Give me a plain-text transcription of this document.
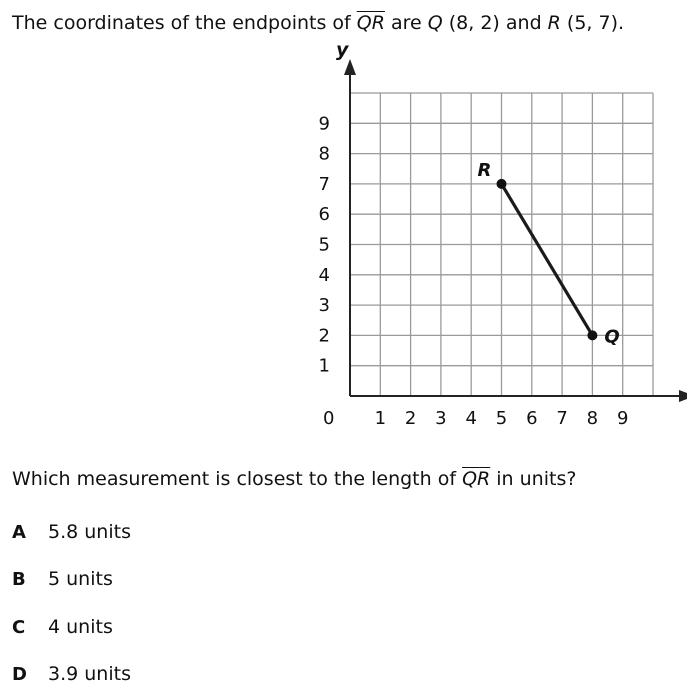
The coordinates of the endpoints of $\overline{QR}$ are Q (8, 2) and R (5, 7).
y
1 2 3 4 5 6 7 8 9
1
2
3
4
5
6
7
8
9
0
R
Q
Which measurement is closest to the length of $\overline{QR}$ in units?
A 5.8 units
B 5 units
C 4 units
D 3.9 units
